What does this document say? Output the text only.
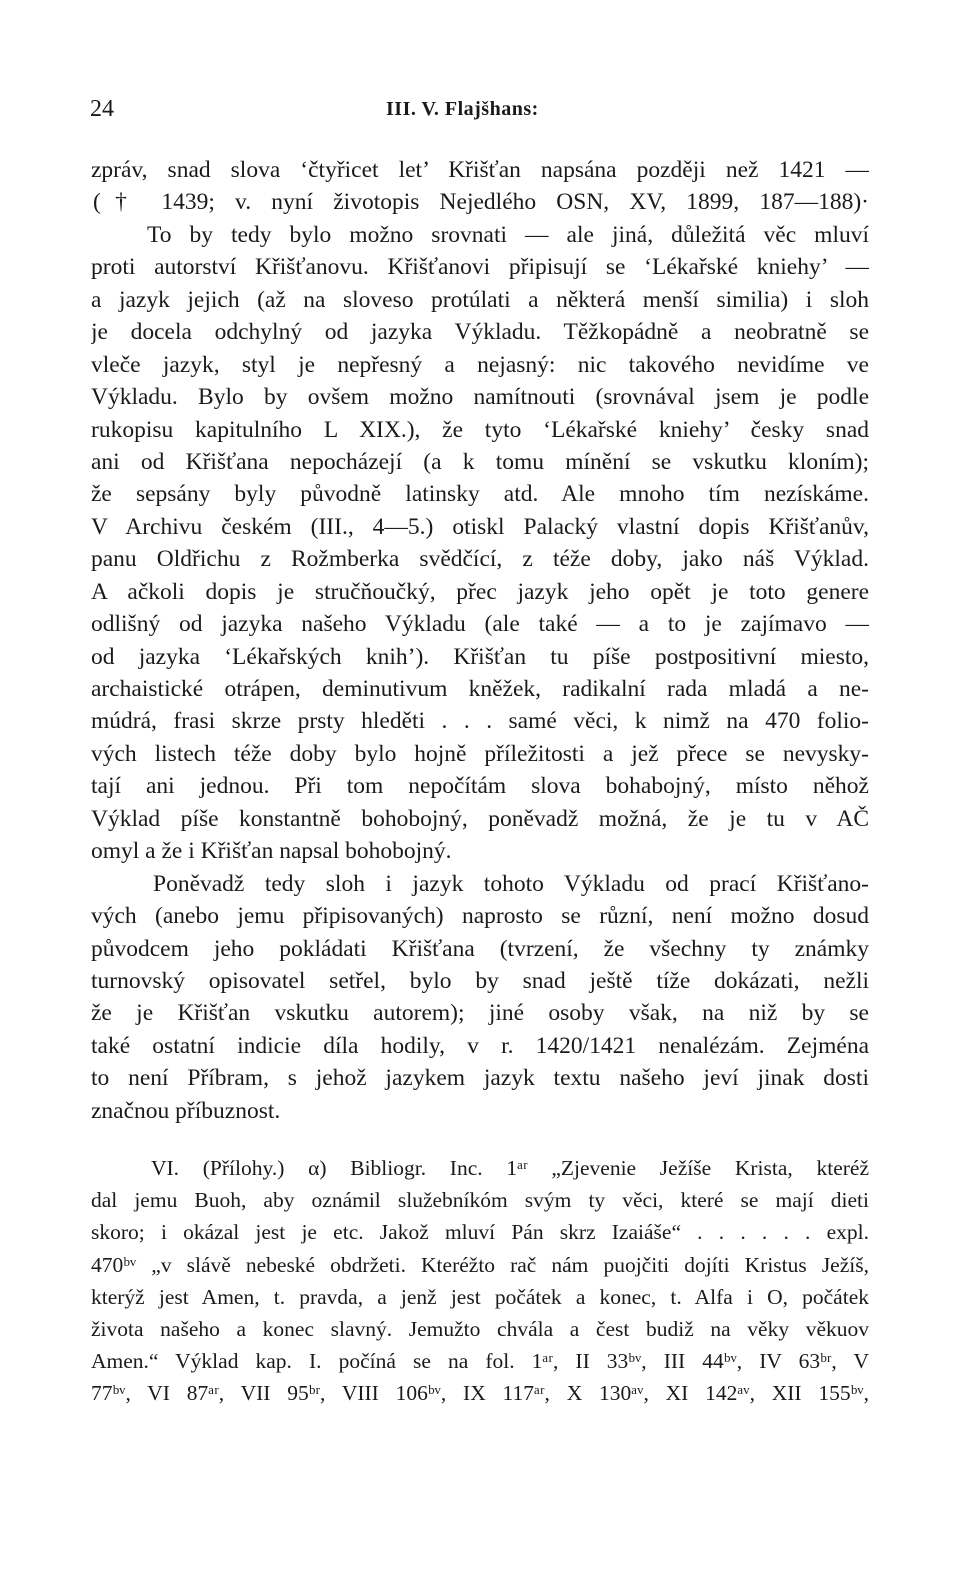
24	III. V. Flajšhans:
zpráv, snad slova ‘čtyřicet let’ Křišťan napsána později než 1421 —
(† 1439; v. nyní životopis Nejedlého OSN, XV, 1899, 187—188)·
To by tedy bylo možno srovnati — ale jiná, důležitá věc mluví
proti autorství Křišťanovu. Křišťanovi připisují se ‘Lékařské kniehy’ —
a jazyk jejich (až na sloveso protúlati a některá menší similia) i sloh
je docela odchylný od jazyka Výkladu. Těžkopádně a neobratně se
vleče jazyk, styl je nepřesný a nejasný: nic takového nevidíme ve
Výkladu. Bylo by ovšem možno namítnouti (srovnával jsem je podle
rukopisu kapitulního L XIX.), že tyto ‘Lékařské kniehy’ česky snad
ani od Křišťana nepocházejí (a k tomu mínění se vskutku kloním);
že sepsány byly původně latinsky atd. Ale mnoho tím nezískáme.
V Archivu českém (III., 4—5.) otiskl Palacký vlastní dopis Křišťanův,
panu Oldřichu z Rožmberka svědčící, z téže doby, jako náš Výklad.
A ačkoli dopis je stručňoučký, přec jazyk jeho opět je toto genere
odlišný od jazyka našeho Výkladu (ale také — a to je zajímavo —
od jazyka ‘Lékařských knih’). Křišťan tu píše postpositivní miesto,
archaistické otrápen, deminutivum kněžek, radikalní rada mladá a ne-
múdrá, frasi skrze prsty hleděti . . . samé věci, k nimž na 470 folio-
vých listech téže doby bylo hojně příležitosti a jež přece se nevysky-
tají ani jednou. Při tom nepočítám slova bohabojný, místo něhož
Výklad píše konstantně bohobojný, poněvadž možná, že je tu v AČ
omyl a že i Křišťan napsal bohobojný.
Poněvadž tedy sloh i jazyk tohoto Výkladu od prací Křišťano-
vých (anebo jemu připisovaných) naprosto se různí, není možno dosud
původcem jeho pokládati Křišťana (tvrzení, že všechny ty známky
turnovský opisovatel setřel, bylo by snad ještě tíže dokázati, nežli
že je Křišťan vskutku autorem); jiné osoby však, na niž by se
také ostatní indicie díla hodily, v r. 1420/1421 nenalézám. Zejména
to není Příbram, s jehož jazykem jazyk textu našeho jeví jinak dosti
značnou příbuznost.
VI. (Přílohy.) α) Bibliogr. Inc. 1ᵃʳ „Zjevenie Ježíše Krista, kteréž
dal jemu Buoh, aby oznámil služebníkóm svým ty věci, které se mají dieti
skoro; i okázal jest je etc. Jakož mluví Pán skrz Izaiáše“ . . . . . . expl.
470ᵇᵛ „v slávě nebeské obdržeti. Kteréžto rač nám puojčiti dojíti Kristus Ježíš,
kterýž jest Amen, t. pravda, a jenž jest počátek a konec, t. Alfa i O, počátek
života našeho a konec slavný. Jemužto chvála a čest budiž na věky věkuov
Amen.“ Výklad kap. I. počíná se na fol. 1ᵃʳ, II 33ᵇᵛ, III 44ᵇᵛ, IV 63ᵇʳ, V
77ᵇᵛ, VI 87ᵃʳ, VII 95ᵇʳ, VIII 106ᵇᵛ, IX 117ᵃʳ, X 130ᵃᵛ, XI 142ᵃᵛ, XII 155ᵇᵛ,
